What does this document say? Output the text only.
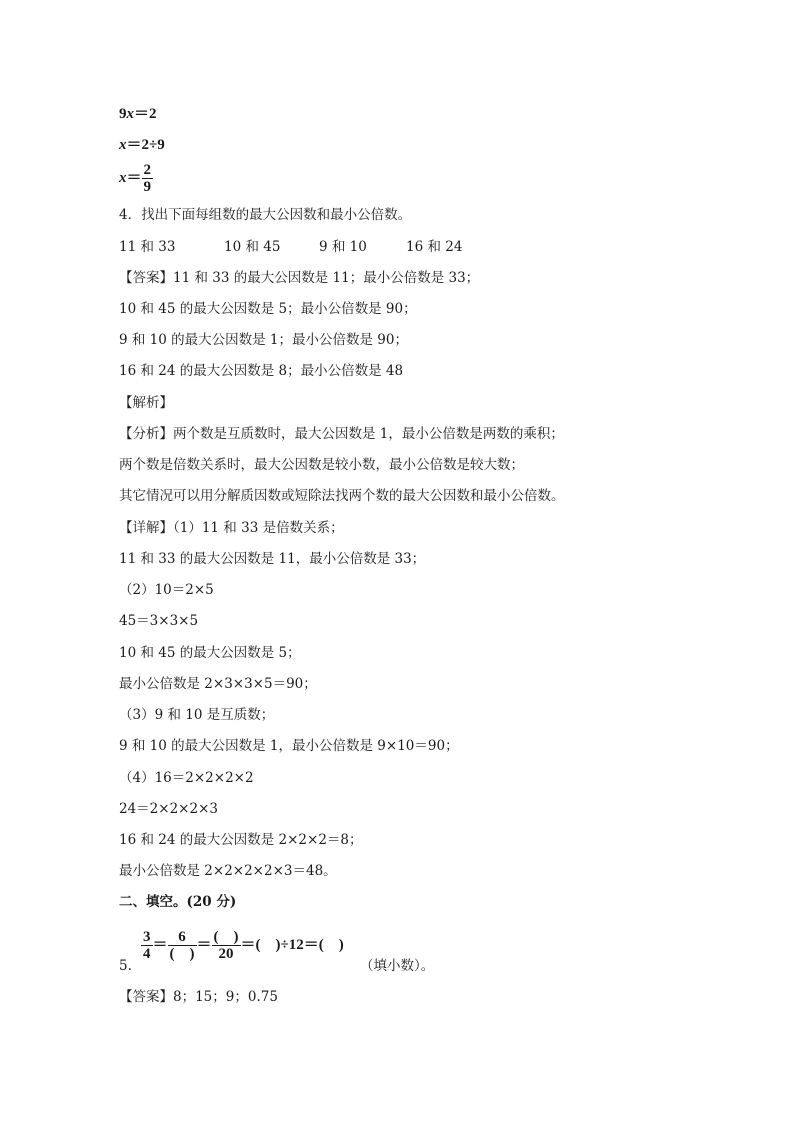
9x＝2
x＝2÷9
$x= \frac{2}{9}$
4．找出下面每组数的最大公因数和最小公倍数。
11 和 33	10 和 45	9 和 10	16 和 24
【答案】11 和 33 的最大公因数是 11；最小公倍数是 33；
10 和 45 的最大公因数是 5；最小公倍数是 90；
9 和 10 的最大公因数是 1；最小公倍数是 90；
16 和 24 的最大公因数是 8；最小公倍数是 48
【解析】
【分析】两个数是互质数时，最大公因数是 1，最小公倍数是两数的乘积；
两个数是倍数关系时，最大公因数是较小数，最小公倍数是较大数；
其它情况可以用分解质因数或短除法找两个数的最大公因数和最小公倍数。
【详解】（1）11 和 33 是倍数关系；
11 和 33 的最大公因数是 11，最小公倍数是 33；
（2）10＝2×5
45＝3×3×5
10 和 45 的最大公因数是 5；
最小公倍数是 2×3×3×5＝90；
（3）9 和 10 是互质数；
9 和 10 的最大公因数是 1，最小公倍数是 9×10＝90；
（4）16＝2×2×2×2
24＝2×2×2×3
16 和 24 的最大公因数是 2×2×2＝8；
最小公倍数是 2×2×2×2×3＝48。
二、填空。(20 分)
$\frac{3}{4} = \frac{6}{( )} = \frac{( )}{20}$ ＝(　)÷12＝(　)
5.	（填小数）。
【答案】8；15；9；0.75
